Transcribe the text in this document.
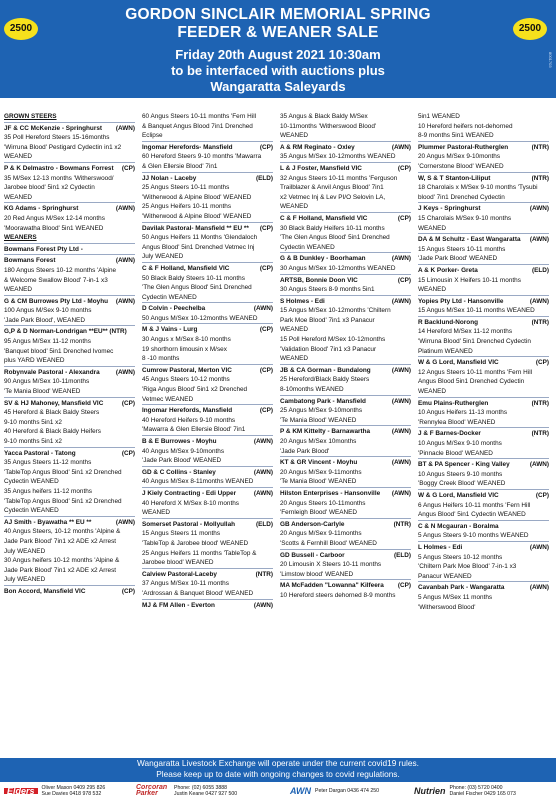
2500	2500
GORDON SINCLAIR MEMORIAL SPRING
FEEDER & WEANER SALE
Friday 20th August 2021 10:30am
to be interfaced with auctions plus
Wangaratta Saleyards
8001703
GROWN STEERS
JF & CC McKenzie - Springhurst (AWN)
35 Poll Hereford Steers 15-16months
'Wirruna Blood' Pestigard Cydectin in1 x2
WEANED
P & K Delmastro - Bowmans Forrest (CP)
35 M/Sex 12-13 months 'Witherswood/
Jarobee blood' 5in1 x2 Cydectin
WEANED
KG Adams - Springhurst	(AWN)
20 Red Angus M/Sex 12-14 months
'Moorawatha Blood' 5in1 WEANED
WEANERS
Bowmans Forest Pty Ltd -
Bowmans Forest	(AWN)
180 Angus Steers 10-12 months 'Alpine
& Welcome Swallow Blood' 7-in-1 x3
WEANED
G & CM Burrowes Pty Ltd - Moyhu (AWN)
100 Angus M/Sex 9-10 months
'Jade Park Blood', WEANED
G,P & D Norman-Londrigan **EU** (NTR)
95 Angus M/Sex 11-12 months
'Banquet blood' 5in1 Drenched Ivomec
plus YARD WEANED
Robynvale Pastoral - Alexandra	(AWN)
90 Angus M/Sex 10-11months
'Te Mania Blood' WEANED
SV & HJ Mahoney, Mansfield VIC	(CP)
45 Hereford & Black Baldy Steers
9-10 months 5in1 x2
40 Hereford & Black Baldy Heifers
9-10 months 5in1 x2
Yacca Pastoral - Tatong	(CP)
35 Angus Steers 11-12 months
'TableTop Angus Blood' 5in1 x2 Drenched
Cydectin WEANED
35 Angus heifers 11-12 months
'TableTop Angus Blood' 5in1 x2 Drenched
Cydectin WEANED
AJ Smith - Byawatha ** EU **	(AWN)
40 Angus Steers, 10-12 months 'Alpine &
Jade Park Blood' 7in1 x2 ADE x2 Arrest
July WEANED
30 Angus heifers 10-12 months 'Alpine &
Jade Park Blood' 7in1 x2 ADE x2 Arrest
July WEANED
Bon Accord, Mansfield VIC	(CP)
60 Angus Steers 10-11 months 'Fern Hill
& Banquet Angus Blood 7in1 Drenched
Eclipse
Ingomar Herefords- Mansfield	(CP)
60 Hereford Steers 9-10 months 'Mawarra
& Glen Ellersie Blood' 7in1
JJ Nolan - Laceby	(ELD)
25 Angus Steers 10-11 months
'Witherwood & Alpine Blood' WEANED
25 Angus Heifers 10-11 months
'Witherwood & Alpine Blood' WEANED
Davilak Pastoral- Mansfield ** EU ** (CP)
50 Angus Heifers 11 Months 'Glendaloch
Angus Blood' 5in1 Drenched Vetmec Inj
July WEANED
C & F Holland, Mansfield VIC	(CP)
50 Black Baldy Steers 10-11 months
'The Glen Angus Blood' 5in1 Drenched
Cydectin WEANED
D Colvin - Peechelba	(AWN)
50 Angus M/Sex 10-12months WEANED
M & J Vains - Lurg	(CP)
30 Angus x M/Sex 8-10 months
19 shorthorn limousin x M/sex
8 -10 months
Cumrow Pastoral, Merton VIC	(CP)
45 Angus Steers 10-12 months
'Riga Angus Blood' 5in1 x2 Drenched
Vetmec WEANED
Ingomar Herefords, Mansfield	(CP)
40 Hereford Heifers 9-10 months
'Mawarra & Glen Ellersie Blood' 7in1
B & E Burrowes - Moyhu	(AWN)
40 Angus M/Sex 9-10months
'Jade Park Blood' WEANED
GD & C Collins - Stanley	(AWN)
40 Angus M/Sex 8-11months WEANED
J Kiely Contracting - Edi Upper	(AWN)
40 Hereford X M/Sex 8-10 months
WEANED
Somerset Pastoral - Mollyullah	(ELD)
15 Angus Steers 11 months
'TableTop & Jarobee blood' WEANED
25 Angus Heifers 11 months 'TableTop &
Jarobee blood' WEANED
Calview Pastoral-Laceby	(NTR)
37 Angus M/Sex 10-11 months
'Ardrossan & Banquet Blood' WEANED
MJ & FM Allen - Everton	(AWN)
35 Angus & Black Baldy M/Sex
10-11months 'Witherswood Blood'
WEANED
A & RM Reginato - Oxley	(AWN)
35 Angus M/Sex 10-12months WEANED
L & J Foster, Mansfield VIC	(CP)
32 Angus Steers 10-11 months 'Ferguson
Trailblazer & Anvil Angus Blood' 7in1
x2 Vetmec Inj & Lev PI/O Selovin LA,
WEANED
C & F Holland, Mansfield VIC	(CP)
30 Black Baldy Heifers 10-11 months
'The Glen Angus Blood' 5in1 Drenched
Cydectin WEANED
G & B Dunkley - Boorhaman	(AWN)
30 Angus M/Sex 10-12months WEANED
ARTSB, Bonnie Doon VIC	(CP)
30 Angus Steers 8-9 months 5in1
S Holmes - Edi	(AWN)
15 Angus M/Sex 10-12months 'Chiltern
Park Moe Blood' 7in1 x3 Panacur
WEANED
15 Poll Hereford M/Sex 10-12months
'Validation Blood' 7in1 x3 Panacur
WEANED
JB & CA Gorman - Bundalong	(AWN)
25 Hereford/Black Baldy Steers
8-10months WEANED
Cambatong Park - Mansfield	(AWN)
25 Angus M/Sex 9-10months
'Te Mania Blood' WEANED
P & KM Kittelty - Barnawartha	(AWN)
20 Angus M/Sex 10months
'Jade Park Blood'
KT & GR Vincent - Moyhu	(AWN)
20 Angus M/Sex 9-11months
'Te Mania Blood' WEANED
Hilston Enterprises - Hansonville (AWN)
20 Angus Steers 10-11months
'Fernleigh Blood' WEANED
GB Anderson-Carlyle	(NTR)
20 Angus M/Sex 9-11months
'Scotts & Fernhill Blood' WEANED
GD Bussell - Carboor	(ELD)
20 Limousin X Steers 10-11 months
'Limstow blood' WEANED
MA McFadden "Lowanna" Kilfeera (CP)
10 Hereford steers dehorned 8-9 months
5in1 WEANED
10 Hereford heifers not-dehorned
8-9 months 5in1 WEANED
Plummer Pastoral-Rutherglen	(NTR)
20 Angus M/Sex 9-10months
'Cornerstone Blood' WEANED
W, S & T Stanton-Liliput	(NTR)
18 Charolais x M/Sex 9-10 months 'Tysubi
blood' 7in1 Drenched Cydectin
J Keys - Springhurst	(AWN)
15 Charolais M/Sex 9-10 months
WEANED
DA & M Schultz - East Wangaratta (AWN)
15 Angus Steers 10-11 months
'Jade Park Blood' WEANED
A & K Porker- Greta	(ELD)
15 Limousin X Heifers 10-11 months
WEANED
Yopies Pty Ltd - Hansonville	(AWN)
15 Angus M/Sex 10-11 months WEANED
R Backlund-Norong	(NTR)
14 Hereford M/Sex 11-12 months
'Wirruna Blood' 5in1 Drenched Cydectin
Platinum WEANED
W & G Lord, Mansfield VIC	(CP)
12 Angus Steers 10-11 months 'Fern Hill
Angus Blood 5in1 Drenched Cydectin
WEANED
Emu Plains-Rutherglen	(NTR)
10 Angus Heifers 11-13 months
'Rennylea Blood' WEANED
J & F Barnes-Docker	(NTR)
10 Angus M/Sex 9-10 months
'Pinnacle Blood' WEANED
BT & PA Spencer - King Valley	(AWN)
10 Angus Steers 9-10 months
'Boggy Creek Blood' WEANED
W & G Lord, Mansfield VIC	(CP)
6 Angus Heifers 10-11 months 'Fern Hill
Angus Blood' 5in1 Cydectin WEANED
C & N Mcgauran - Boralma
5 Angus Steers 9-10 months WEANED
L Holmes - Edi	(AWN)
5 Angus Steers 10-12 months
'Chiltern Park Moe Blood' 7-in-1 x3
Panacur WEANED
Cavanbah Park - Wangaratta	(AWN)
5 Angus M/Sex 11 months
'Witherswood Blood'
Wangaratta Livestock Exchange will operate under the current covid19 rules.
Please keep up to date with ongoing changes to covid regulations.
Elders	Oliver Mason 0409 295 826
Sue Davies 0418 978 532
Corcoran Parker
Phone: (02) 6055 3888
Justin Keane 0427 927 500	AWN Peter Dargan 0436 474 250	Nutrien Phone: (03) 5720 0400
Daniel Fischer 0429 165 073
